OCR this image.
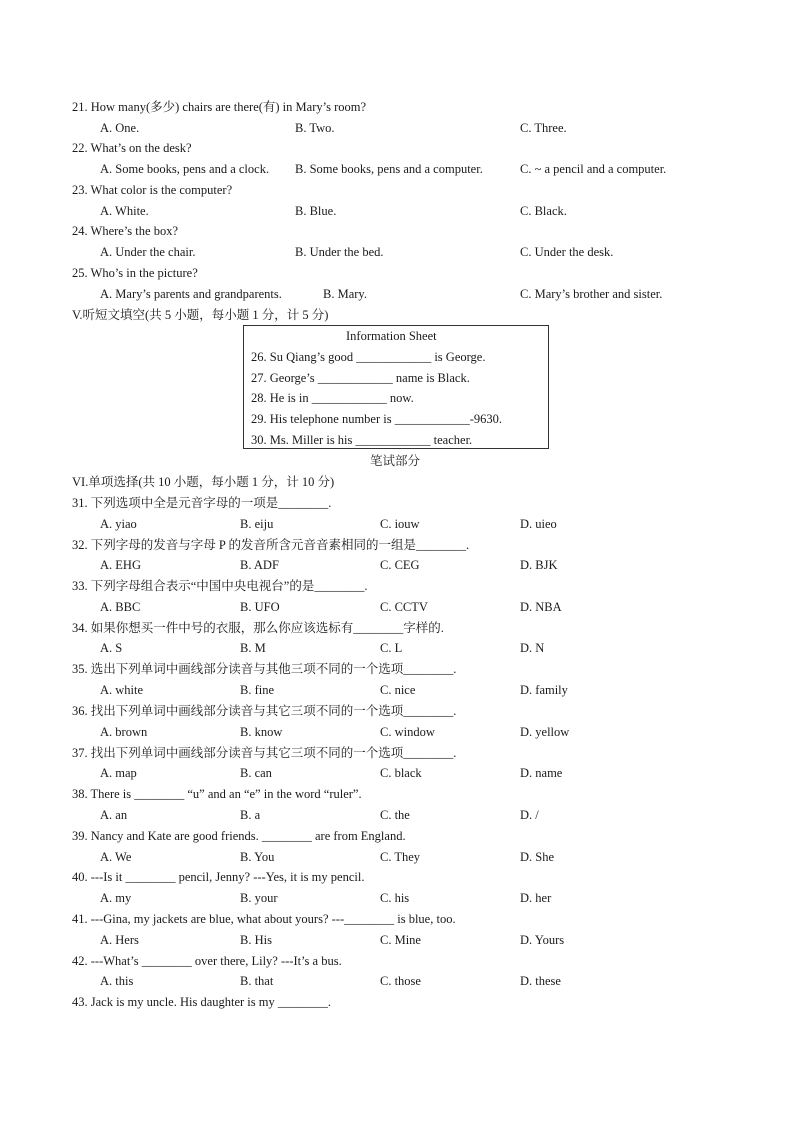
21. How many(多少) chairs are there(有) in Mary’s room?
A. One.	B. Two.	C. Three.
22. What’s on the desk?
A. Some books, pens and a clock. B. Some books, pens and a computer.	C. ~ a pencil and a computer.
23. What color is the computer?
A. White.	B. Blue.	C. Black.
24. Where’s the box?
A. Under the chair.	B. Under the bed.	C. Under the desk.
25. Who’s in the picture?
A. Mary’s parents and grandparents.	B. Mary.	C. Mary’s brother and sister.
V.听短文填空(共 5 小题，每小题 1 分，计 5 分)
Information Sheet
26. Su Qiang’s good ____________ is George.
27. George’s ____________ name is Black.
28. He is in ____________ now.
29. His telephone number is ____________-9630.
30. Ms. Miller is his ____________ teacher.
笔试部分
VI.单项选择(共 10 小题，每小题 1 分，计 10 分)
31. 下列选项中全是元音字母的一项是________.
A. yiao	B. eiju	C. iouw	D. uieo
32. 下列字母的发音与字母 P 的发音所含元音音素相同的一组是________.
A. EHG	B. ADF	C. CEG	D. BJK
33. 下列字母组合表示“中国中央电视台”的是________.
A. BBC	B. UFO	C. CCTV	D. NBA
34. 如果你想买一件中号的衣服，那么你应该选标有________字样的.
A. S	B. M	C. L	D. N
35. 选出下列单词中画线部分读音与其他三项不同的一个选项________.
A. white	B. fine	C. nice	D. family
36. 找出下列单词中画线部分读音与其它三项不同的一个选项________.
A. brown	B. know	C. window	D. yellow
37. 找出下列单词中画线部分读音与其它三项不同的一个选项________.
A. map	B. can	C. black	D. name
38. There is ________ “u” and an “e” in the word “ruler”.
A. an	B. a	C. the	D. /
39. Nancy and Kate are good friends. ________ are from England.
A. We	B. You	C. They	D. She
40. ---Is it ________ pencil, Jenny? ---Yes, it is my pencil.
A. my	B. your	C. his	D. her
41. ---Gina, my jackets are blue, what about yours? ---________ is blue, too.
A. Hers	B. His	C. Mine	D. Yours
42. ---What’s ________ over there, Lily? ---It’s a bus.
A. this	B. that	C. those	D. these
43. Jack is my uncle. His daughter is my ________.
